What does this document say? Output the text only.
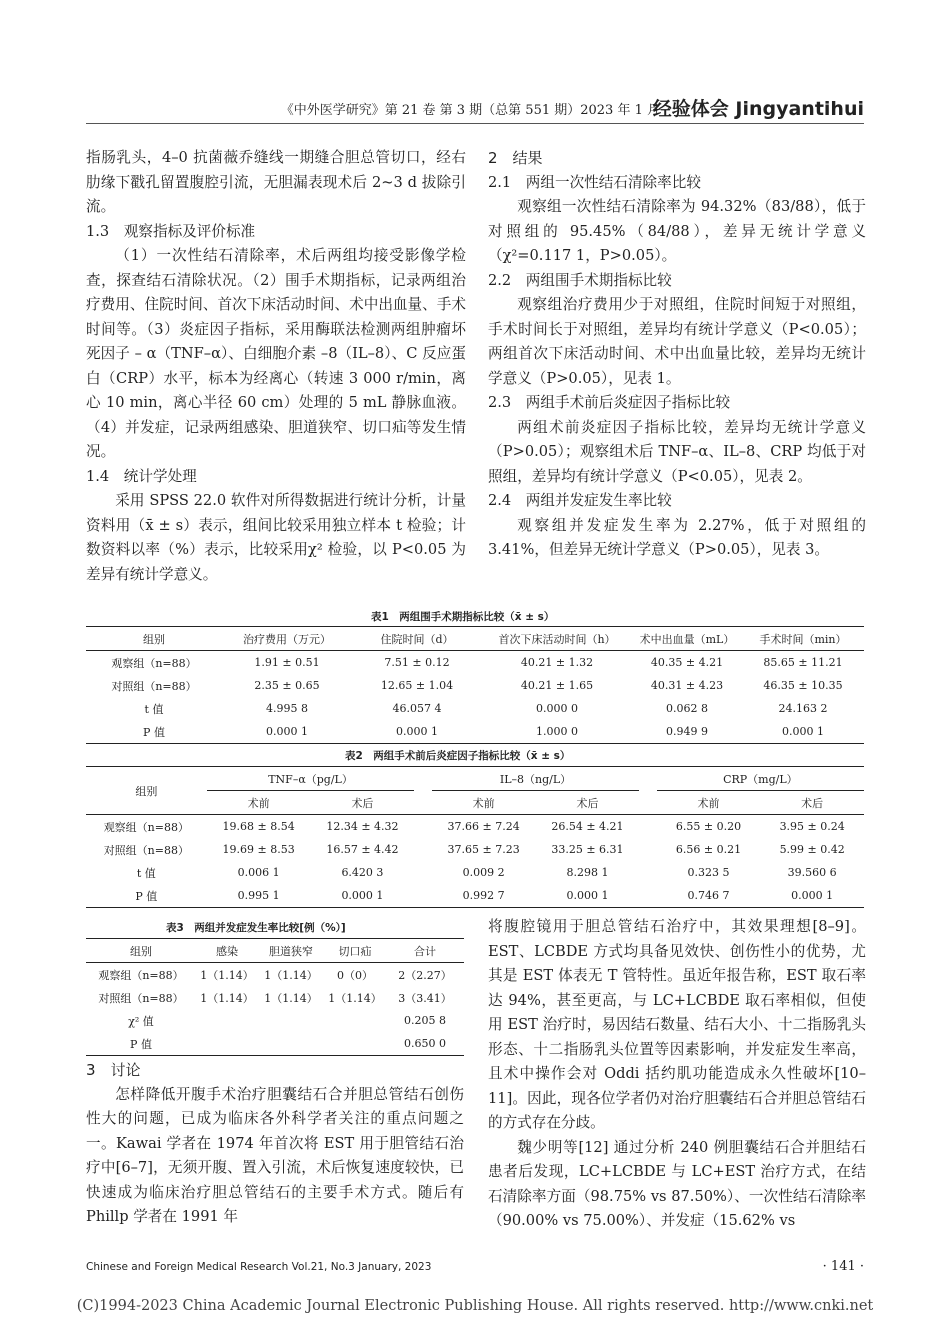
《中外医学研究》第 21 卷 第 3 期（总第 551 期）2023 年 1 月
经验体会 Jingyantihui

指肠乳头，4–0 抗菌薇乔缝线一期缝合胆总管切口，经右肋缘下戳孔留置腹腔引流，无胆漏表现术后 2~3 d 拔除引流。

1.3　观察指标及评价标准

（1）一次性结石清除率，术后两组均接受影像学检查，探查结石清除状况。（2）围手术期指标，记录两组治疗费用、住院时间、首次下床活动时间、术中出血量、手术时间等。（3）炎症因子指标，采用酶联法检测两组肿瘤坏死因子 – α（TNF–α）、白细胞介素 –8（IL–8）、C 反应蛋白（CRP）水平，标本为经离心（转速 3 000 r/min，离心 10 min，离心半径 60 cm）处理的 5 mL 静脉血液。（4）并发症，记录两组感染、胆道狭窄、切口疝等发生情况。

1.4　统计学处理

采用 SPSS 22.0 软件对所得数据进行统计分析，计量资料用（x̄ ± s）表示，组间比较采用独立样本 t 检验；计数资料以率（%）表示，比较采用χ² 检验，以 P<0.05 为差异有统计学意义。

2　结果

2.1　两组一次性结石清除率比较

观察组一次性结石清除率为 94.32%（83/88），低于对照组的 95.45%（84/88），差异无统计学意义（χ²=0.117 1，P>0.05）。

2.2　两组围手术期指标比较

观察组治疗费用少于对照组，住院时间短于对照组，手术时间长于对照组，差异均有统计学意义（P<0.05）；两组首次下床活动时间、术中出血量比较，差异均无统计学意义（P>0.05），见表 1。

2.3　两组手术前后炎症因子指标比较

两组术前炎症因子指标比较，差异均无统计学意义（P>0.05）；观察组术后 TNF–α、IL–8、CRP 均低于对照组，差异均有统计学意义（P<0.05），见表 2。

2.4　两组并发症发生率比较

观察组并发症发生率为 2.27%，低于对照组的 3.41%，但差异无统计学意义（P>0.05），见表 3。

表1　两组围手术期指标比较（x̄ ± s）
组别	治疗费用（万元）	住院时间（d）	首次下床活动时间（h）	术中出血量（mL）	手术时间（min）
观察组（n=88）	1.91 ± 0.51	7.51 ± 0.12	40.21 ± 1.32	40.35 ± 4.21	85.65 ± 11.21
对照组（n=88）	2.35 ± 0.65	12.65 ± 1.04	40.21 ± 1.65	40.31 ± 4.23	46.35 ± 10.35
t 值	4.995 8	46.057 4	0.000 0	0.062 8	24.163 2
P 值	0.000 1	0.000 1	1.000 0	0.949 9	0.000 1
表2　两组手术前后炎症因子指标比较（x̄ ± s）
组别	TNF–α（pg/L）			IL–8（ng/L）			CRP（mg/L）	
	术前	术后		术前	术后		术前	术后
观察组（n=88）	19.68 ± 8.54	12.34 ± 4.32		37.66 ± 7.24	26.54 ± 4.21		6.55 ± 0.20	3.95 ± 0.24
对照组（n=88）	19.69 ± 8.53	16.57 ± 4.42		37.65 ± 7.23	33.25 ± 6.31		6.56 ± 0.21	5.99 ± 0.42
t 值	0.006 1	6.420 3		0.009 2	8.298 1		0.323 5	39.560 6
P 值	0.995 1	0.000 1		0.992 7	0.000 1		0.746 7	0.000 1
表3　两组并发症发生率比较[例（%）]
组别	感染	胆道狭窄	切口疝	合计
观察组（n=88）	1（1.14）	1（1.14）	0（0）	2（2.27）
对照组（n=88）	1（1.14）	1（1.14）	1（1.14）	3（3.41）
χ² 值				0.205 8
P 值				0.650 0

3　讨论

怎样降低开腹手术治疗胆囊结石合并胆总管结石创伤性大的问题，已成为临床各外科学者关注的重点问题之一。Kawai 学者在 1974 年首次将 EST 用于胆管结石治疗中[6–7]，无须开腹、置入引流，术后恢复速度较快，已快速成为临床治疗胆总管结石的主要手术方式。随后有 Phillp 学者在 1991 年

将腹腔镜用于胆总管结石治疗中，其效果理想[8–9]。EST、LCBDE 方式均具备见效快、创伤性小的优势，尤其是 EST 体表无 T 管特性。虽近年报告称，EST 取石率达 94%，甚至更高，与 LC+LCBDE 取石率相似，但使用 EST 治疗时，易因结石数量、结石大小、十二指肠乳头形态、十二指肠乳头位置等因素影响，并发症发生率高，且术中操作会对 Oddi 括约肌功能造成永久性破坏[10–11]。因此，现各位学者仍对治疗胆囊结石合并胆总管结石的方式存在分歧。

魏少明等[12] 通过分析 240 例胆囊结石合并胆结石患者后发现，LC+LCBDE 与 LC+EST 治疗方式，在结石清除率方面（98.75% vs 87.50%）、一次性结石清除率（90.00% vs 75.00%）、并发症（15.62% vs

Chinese and Foreign Medical Research Vol.21, No.3 January, 2023	· 141 ·
(C)1994-2023 China Academic Journal Electronic Publishing House. All rights reserved. http://www.cnki.net
